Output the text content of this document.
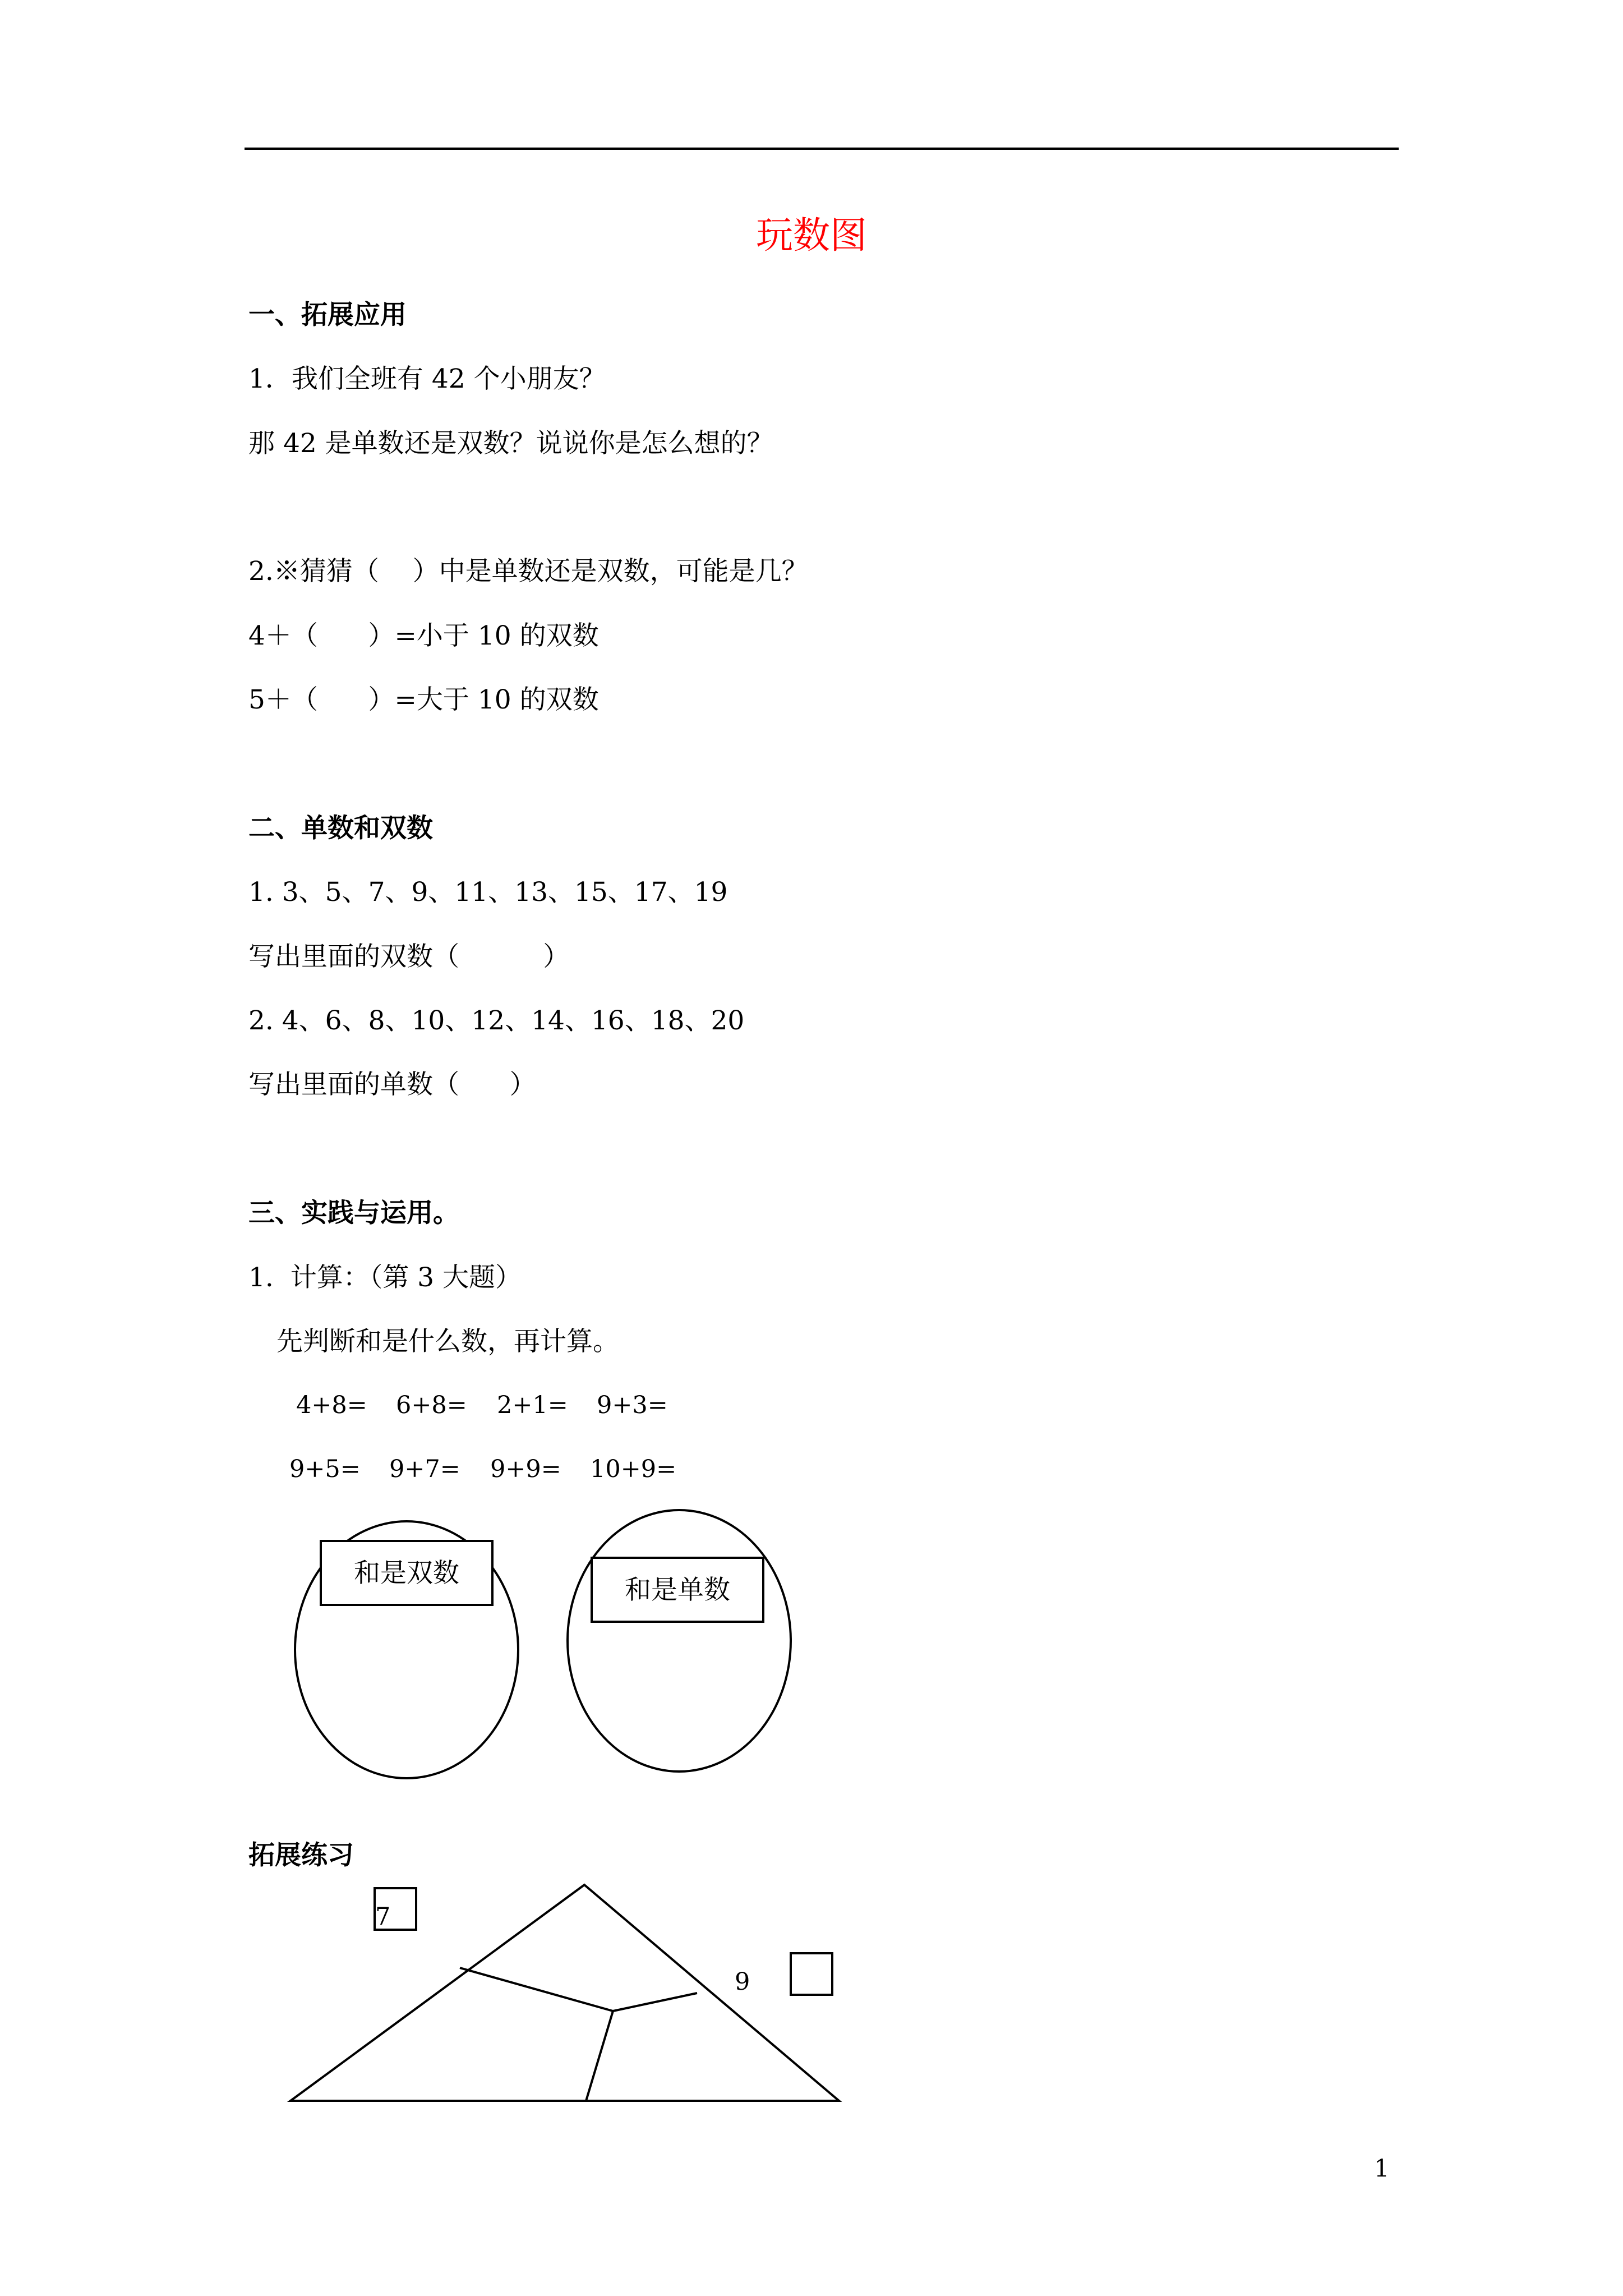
玩数图
一、拓展应用
1．我们全班有 42 个小朋友？
那 42 是单数还是双数？说说你是怎么想的？
2.※猜猜（    ）中是单数还是双数，可能是几？
4＋（      ）=小于 10 的双数
5＋（      ）=大于 10 的双数
二、单数和双数
1. 3、5、7、9、11、13、15、17、19
写出里面的双数（          ）
2. 4、6、8、10、12、14、16、18、20
写出里面的单数（      ）
三、实践与运用。
1.  计算：（第 3 大题）
先判断和是什么数，再计算。
4+8= 6+8= 2+1= 9+3=
9+5= 9+7= 9+9= 10+9=
和是双数
和是单数
拓展练习
7
9
1
